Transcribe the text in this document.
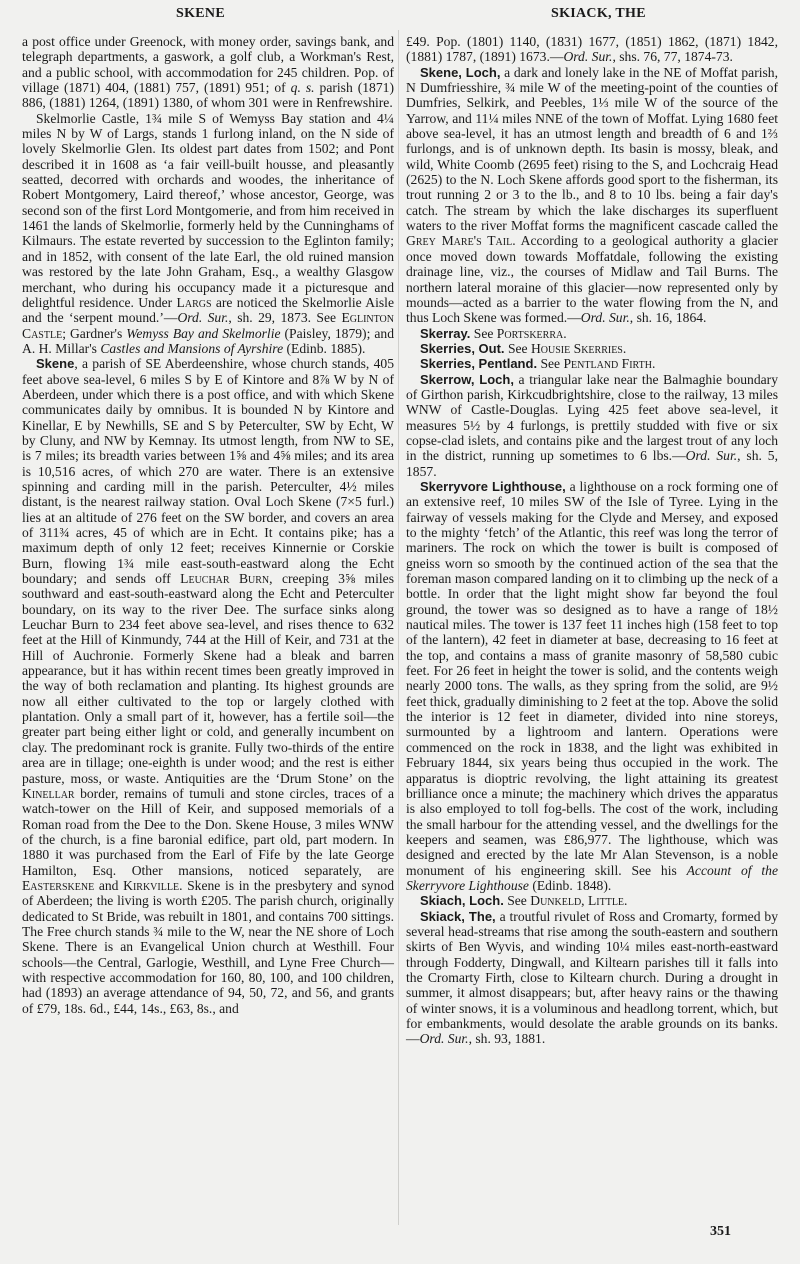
SKENE	SKIACK, THE

a post office under Greenock, with money order, savings bank, and telegraph departments, a gaswork, a golf club, a Workman's Rest, and a public school, with accommodation for 245 children. Pop. of village (1871) 404, (1881) 757, (1891) 951; of q. s. parish (1871) 886, (1881) 1264, (1891) 1380, of whom 301 were in Renfrewshire.

Skelmorlie Castle, 1¾ mile S of Wemyss Bay station and 4¼ miles N by W of Largs, stands 1 furlong inland, on the N side of lovely Skelmorlie Glen. Its oldest part dates from 1502; and Pont described it in 1608 as ‘a fair veill-built housse, and pleasantly seatted, decorred with orchards and woodes, the inheritance of Robert Montgomery, Laird thereof,’ whose ancestor, George, was second son of the first Lord Montgomerie, and from him received in 1461 the lands of Skelmorlie, formerly held by the Cunninghams of Kilmaurs. The estate reverted by succession to the Eglinton family; and in 1852, with consent of the late Earl, the old ruined mansion was restored by the late John Graham, Esq., a wealthy Glasgow merchant, who during his occupancy made it a picturesque and delightful residence. Under Largs are noticed the Skelmorlie Aisle and the ‘serpent mound.’—Ord. Sur., sh. 29, 1873. See Eglinton Castle; Gardner's Wemyss Bay and Skelmorlie (Paisley, 1879); and A. H. Millar's Castles and Mansions of Ayrshire (Edinb. 1885).

Skene, a parish of SE Aberdeenshire, whose church stands, 405 feet above sea-level, 6 miles S by E of Kintore and 8⅞ W by N of Aberdeen, under which there is a post office, and with which Skene communicates daily by omnibus. It is bounded N by Kintore and Kinellar, E by Newhills, SE and S by Peterculter, SW by Echt, W by Cluny, and NW by Kemnay. Its utmost length, from NW to SE, is 7 miles; its breadth varies between 1⅝ and 4⅝ miles; and its area is 10,516 acres, of which 270 are water. There is an extensive spinning and carding mill in the parish. Peterculter, 4½ miles distant, is the nearest railway station. Oval Loch Skene (7×5 furl.) lies at an altitude of 276 feet on the SW border, and covers an area of 311¾ acres, 45 of which are in Echt. It contains pike; has a maximum depth of only 12 feet; receives Kinnernie or Corskie Burn, flowing 1¾ mile east-south-eastward along the Echt boundary; and sends off Leuchar Burn, creeping 3⅝ miles southward and east-south-eastward along the Echt and Peterculter boundary, on its way to the river Dee. The surface sinks along Leuchar Burn to 234 feet above sea-level, and rises thence to 632 feet at the Hill of Kinmundy, 744 at the Hill of Keir, and 731 at the Hill of Auchronie. Formerly Skene had a bleak and barren appearance, but it has within recent times been greatly improved in the way of both reclamation and planting. Its highest grounds are now all either cultivated to the top or largely clothed with plantation. Only a small part of it, however, has a fertile soil—the greater part being either light or cold, and generally incumbent on clay. The predominant rock is granite. Fully two-thirds of the entire area are in tillage; one-eighth is under wood; and the rest is either pasture, moss, or waste. Antiquities are the ‘Drum Stone’ on the Kinellar border, remains of tumuli and stone circles, traces of a watch-tower on the Hill of Keir, and supposed memorials of a Roman road from the Dee to the Don. Skene House, 3 miles WNW of the church, is a fine baronial edifice, part old, part modern. In 1880 it was purchased from the Earl of Fife by the late George Hamilton, Esq. Other mansions, noticed separately, are Easterskene and Kirkville. Skene is in the presbytery and synod of Aberdeen; the living is worth £205. The parish church, originally dedicated to St Bride, was rebuilt in 1801, and contains 700 sittings. The Free church stands ¾ mile to the W, near the NE shore of Loch Skene. There is an Evangelical Union church at Westhill. Four schools—the Central, Garlogie, Westhill, and Lyne Free Church—with respective accommodation for 160, 80, 100, and 100 children, had (1893) an average attendance of 94, 50, 72, and 56, and grants of £79, 18s. 6d., £44, 14s., £63, 8s., and

£49. Pop. (1801) 1140, (1831) 1677, (1851) 1862, (1871) 1842, (1881) 1787, (1891) 1673.—Ord. Sur., shs. 76, 77, 1874-73.

Skene, Loch, a dark and lonely lake in the NE of Moffat parish, N Dumfriesshire, ¾ mile W of the meeting-point of the counties of Dumfries, Selkirk, and Peebles, 1⅓ mile W of the source of the Yarrow, and 11¼ miles NNE of the town of Moffat. Lying 1680 feet above sea-level, it has an utmost length and breadth of 6 and 1⅔ furlongs, and is of unknown depth. Its basin is mossy, bleak, and wild, White Coomb (2695 feet) rising to the S, and Lochcraig Head (2625) to the N. Loch Skene affords good sport to the fisherman, its trout running 2 or 3 to the lb., and 8 to 10 lbs. being a fair day's catch. The stream by which the lake discharges its superfluent waters to the river Moffat forms the magnificent cascade called the Grey Mare's Tail. According to a geological authority a glacier once moved down towards Moffatdale, following the existing drainage line, viz., the courses of Midlaw and Tail Burns. The northern lateral moraine of this glacier—now represented only by mounds—acted as a barrier to the water flowing from the N, and thus Loch Skene was formed.—Ord. Sur., sh. 16, 1864.

Skerray. See Portskerra.

Skerries, Out. See Housie Skerries.

Skerries, Pentland. See Pentland Firth.

Skerrow, Loch, a triangular lake near the Balmaghie boundary of Girthon parish, Kirkcudbrightshire, close to the railway, 13 miles WNW of Castle-Douglas. Lying 425 feet above sea-level, it measures 5½ by 4 furlongs, is prettily studded with five or six copse-clad islets, and contains pike and the largest trout of any loch in the district, running up sometimes to 6 lbs.—Ord. Sur., sh. 5, 1857.

Skerryvore Lighthouse, a lighthouse on a rock forming one of an extensive reef, 10 miles SW of the Isle of Tyree. Lying in the fairway of vessels making for the Clyde and Mersey, and exposed to the mighty ‘fetch’ of the Atlantic, this reef was long the terror of mariners. The rock on which the tower is built is composed of gneiss worn so smooth by the continued action of the sea that the foreman mason compared landing on it to climbing up the neck of a bottle. In order that the light might show far beyond the foul ground, the tower was so designed as to have a range of 18½ nautical miles. The tower is 137 feet 11 inches high (158 feet to top of the lantern), 42 feet in diameter at base, decreasing to 16 feet at the top, and contains a mass of granite masonry of 58,580 cubic feet. For 26 feet in height the tower is solid, and the contents weigh nearly 2000 tons. The walls, as they spring from the solid, are 9½ feet thick, gradually diminishing to 2 feet at the top. Above the solid the interior is 12 feet in diameter, divided into nine storeys, surmounted by a lightroom and lantern. Operations were commenced on the rock in 1838, and the light was exhibited in February 1844, six years being thus occupied in the work. The apparatus is dioptric revolving, the light attaining its greatest brilliance once a minute; the machinery which drives the apparatus is also employed to toll fog-bells. The cost of the work, including the small harbour for the attending vessel, and the dwellings for the keepers and seamen, was £86,977. The lighthouse, which was designed and erected by the late Mr Alan Stevenson, is a noble monument of his engineering skill. See his Account of the Skerryvore Lighthouse (Edinb. 1848).

Skiach, Loch. See Dunkeld, Little.

Skiack, The, a troutful rivulet of Ross and Cromarty, formed by several head-streams that rise among the south-eastern and southern skirts of Ben Wyvis, and winding 10¼ miles east-north-eastward through Fodderty, Dingwall, and Kiltearn parishes till it falls into the Cromarty Firth, close to Kiltearn church. During a drought in summer, it almost disappears; but, after heavy rains or the thawing of winter snows, it is a voluminous and headlong torrent, which, but for embankments, would desolate the arable grounds on its banks.—Ord. Sur., sh. 93, 1881.

351
